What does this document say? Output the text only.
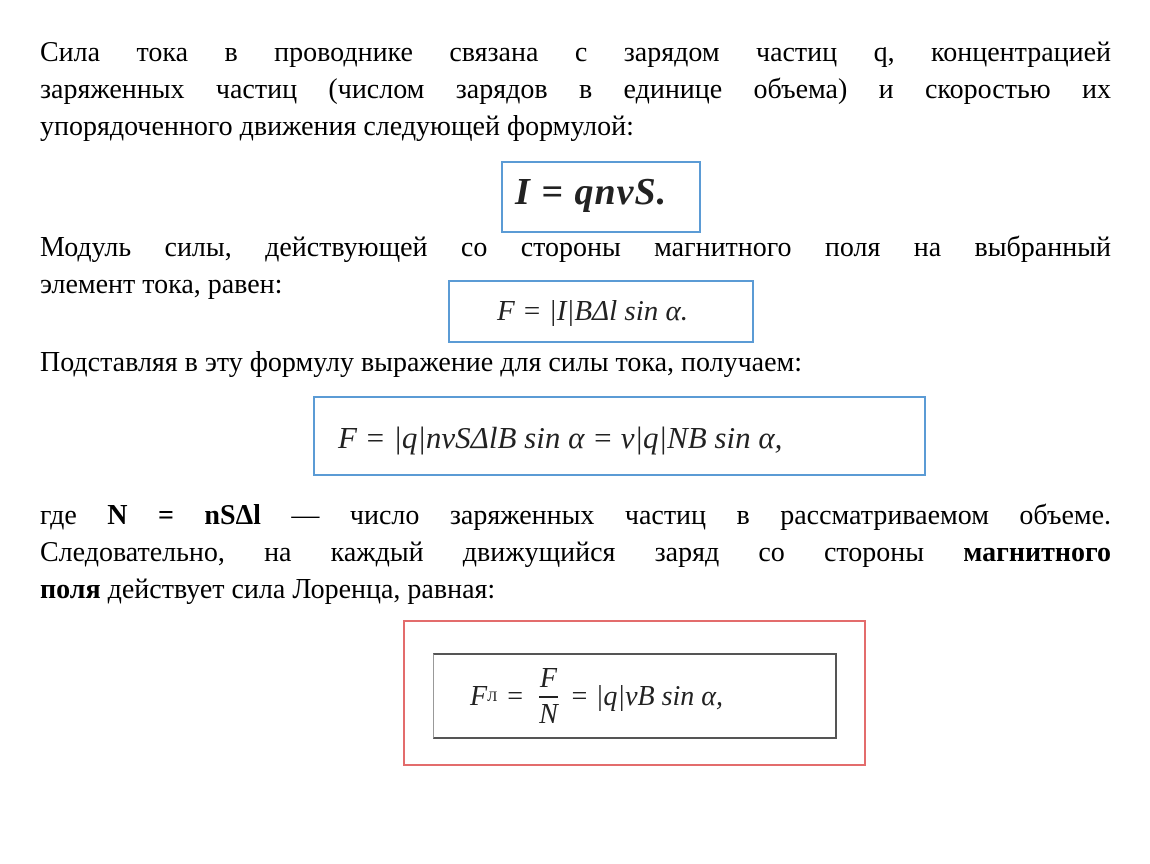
Сила тока в проводнике связана с зарядом частиц q, концентрацией
заряженных частиц (числом зарядов в единице объема) и скоростью их
упорядоченного движения следующей формулой:
I = qnvS.
Модуль силы, действующей со стороны магнитного поля на выбранный
элемент тока, равен:
F = |I|BΔl sin α.
Подставляя в эту формулу выражение для силы тока, получаем:
F = |q|nvSΔlB sin α = v|q|NB sin α,
где N = nSΔl — число заряженных частиц в рассматриваемом объеме.
Следовательно, на каждый движущийся заряд со стороны магнитного
поля действует сила Лоренца, равная:
F $Л = \frac{F}{N} = |q|vB$ sin α,
